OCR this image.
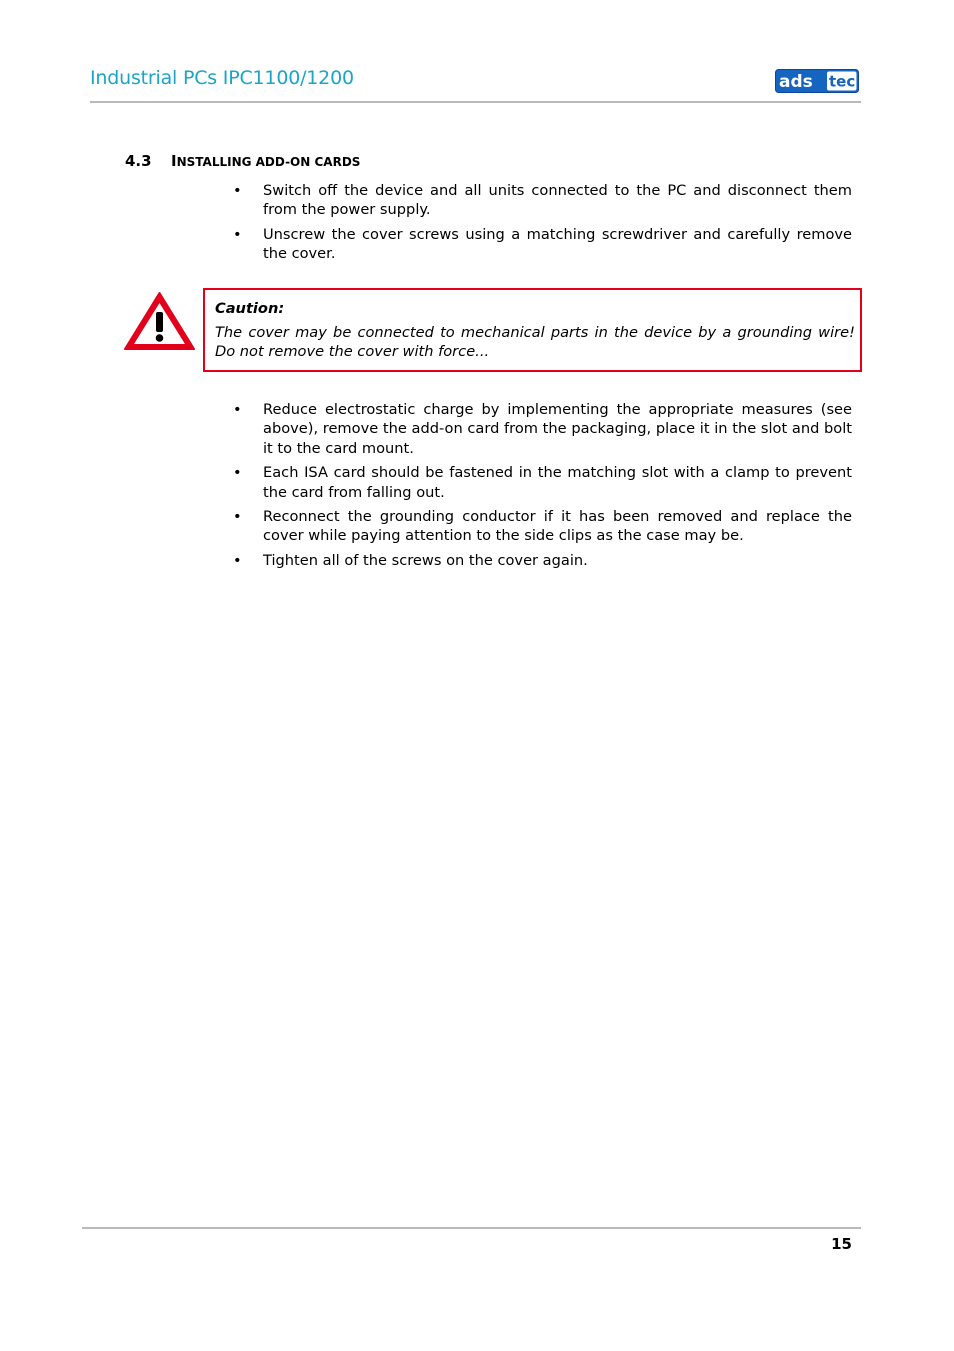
Industrial PCs IPC1100/1200	ads tec
4.3 INSTALLING ADD-ON CARDS
• Switch off the device and all units connected to the PC and disconnect them from the power supply.
• Unscrew the cover screws using a matching screwdriver and carefully remove the cover.
Caution:
The cover may be connected to mechanical parts in the device by a grounding wire! Do not remove the cover with force...
• Reduce electrostatic charge by implementing the appropriate measures (see above), remove the add-on card from the packaging, place it in the slot and bolt it to the card mount.
• Each ISA card should be fastened in the matching slot with a clamp to prevent the card from falling out.
• Reconnect the grounding conductor if it has been removed and replace the cover while paying attention to the side clips as the case may be.
• Tighten all of the screws on the cover again.
15
